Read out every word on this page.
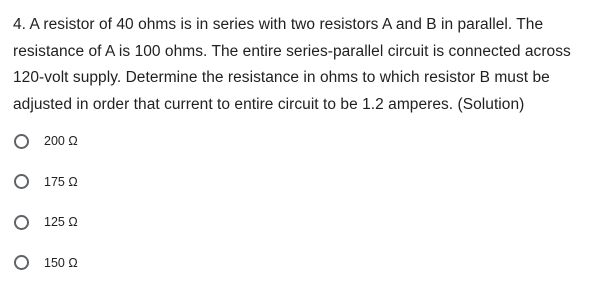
4. A resistor of 40 ohms is in series with two resistors A and B in parallel. The resistance of A is 100 ohms. The entire series-parallel circuit is connected across 120-volt supply. Determine the resistance in ohms to which resistor B must be adjusted in order that current to entire circuit to be 1.2 amperes. (Solution)
200 Ω
175 Ω
125 Ω
150 Ω
